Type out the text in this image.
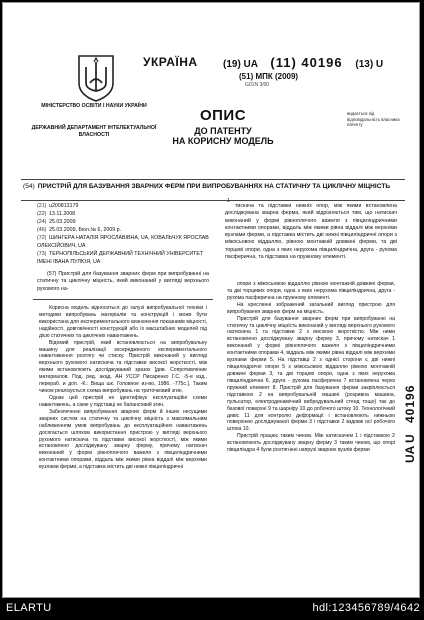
УКРАЇНА	(19) UA (11) 40196 (13) U
(51) МПК (2009)
G01N 3/00
МІНІСТЕРСТВО ОСВІТИ І НАУКИ УКРАЇНИ
ДЕРЖАВНИЙ ДЕПАРТАМЕНТ ІНТЕЛЕКТУАЛЬНОЇ ВЛАСНОСТІ
ОПИС
ДО ПАТЕНТУ
НА КОРИСНУ МОДЕЛЬ
видається під відповідальність власника патенту
(54) ПРИСТРІЙ ДЛЯ БАЗУВАННЯ ЗВАРНИХ ФЕРМ ПРИ ВИПРОБУВАННЯХ НА СТАТИЧНУ ТА ЦИКЛІЧНУ МІЦНІСТЬ
(21) u200813179
(22) 13.11.2008
(24) 25.03.2009
(46) 25.03.2009, Бюл.№ 6, 2009 р.
(72) ШИНГЕРА НАТАЛІЯ ЯРОСЛАВІВНА, UA, КОВАЛЬЧУК ЯРОСЛАВ ОЛЕКСІЙОВИЧ, UA
(73) ТЕРНОПІЛЬСЬКИЙ ДЕРЖАВНИЙ ТЕХНІЧНИЙ УНІВЕРСИТЕТ ІМЕНІ ІВАНА ПУЛЮЯ, UA
(57) Пристрій для базування зварних ферм при випробуванні на статичну та циклічну міцність, який виконаний у вигляді верхнього рухомого на-
1
тискача та підставки нижніх опор, між якими встановлена досліджувана зварна ферма, який відрізняється тим, що натискач виконаний у формі рівноплечого важеля з півциліндричними контактними опорами, віддаль між якими рівна віддалі між верхніми вузлами ферми, а підставка містить дві нижні півциліндричні опори з міжосьовою віддаллю, рівною монтажній довжині ферми, та дві торцеві опори, одна з яких нерухома півциліндрична, друга - рухома пасферична, та підставка на пружному елементі.

Корисна модель відноситься до галузі випробувальної техніки і методики випробувань матеріалів та конструкцій і може бути використана для експериментального визначення показників міцності, надійності, довговічності конструкцій або їх масштабних моделей під дією статичних та циклічних навантажень.

Відомий пристрій, який встановлюється на випробувальну машину для реалізації зосередженого експериментального навантаження розтягу чи стиску. Пристрій виконаний у вигляді верхнього рухомого натискача та підставки високої жорсткості, між якими встановлюють досліджуваний зразок [див. Сопротивление материалов. Под. ред. акад. АН УССР Писаренко Г.С. -5-е изд., перераб. и доп. -К.: Вища шк. Головное из-во, 1986. -775с.]. Таким чином реалізується схема випробувань на триточковий згин.

Однак цей пристрій не ідентифікує експлуатаційні схеми навантажень, а саме у підставці не балансовий згин.

Забезпеченні випробування зварних ферм й інших несущими зварних систем на статичну та циклічну міцність з максимальним наближенням умов випробувань до експлуатаційних навантажень досягається шляхом використання пристрою у вигляді верхнього рухомого натискача та підставки високої жорсткості, між якими встановлено досліджувану зварну ферму, причому натискач виконаний у формі рівноплечого важеля з півциліндричними контактними опорами, віддаль між якими рівна віддалі між верхніми вузлами ферми, а підставка містить дві нижні півциліндричні

опори з міжосьовою віддаллю рівною монтажній довжині ферми, та дві торцевих опори, одна з яких нерухома півциліндрична, друга - рухома пасферична на пружному елементі.

На кресленні зображений загальний вигляд пристрою для випробування зварних ферм на міцність.

Пристрій для базування зварних ферм при випробуванні на статичну та циклічну міцність виконаний у вигляді верхнього рухомого натискача 1 та підставки 2 з високою жорсткістю. Між ними встановлено досліджувану зварну ферму 3, причому натискач 1 виконаний у формі рівноплечого важеля з півциліндричними контактними опорами 4, віддаль між якими рівна віддалі між верхніми вузлами ферми 5. На підставці 2 з однієї сторони є дві нижні півциліндричні опори 5 з міжосьовою віддаллю рівною монтажній довжині ферми 3, та дві торцеві опори, одна з яких нерухома півциліндрична 6, друга - рухома пасферична 7 встановлена через пружний елемент 8. Пристрій для базування ферми закріплюється підставкою 2 на випробувальній машині (розривна машина, пульсатор, електродинамічний вибродувальний стенд тощо) так до базової поверхні 9 та шарніру 10 до робочого штоку 10. Технологічний дивіс 11 для контролю деформації і встановлюють нижньою поверхнею досліджуваної ферми 3 і підставки 2 вздовж осі робочого штока 10.

Пристрій працює таким чином. Між натискачем 1 і підставкою 2 встановлюють досліджувану зварну ферму 3 таким чином, що опорі півциліндра 4 були розтягнені напрузі зварних вузлів ферми

U
40196
UA
ELARTU	hdl:123456789/4642
